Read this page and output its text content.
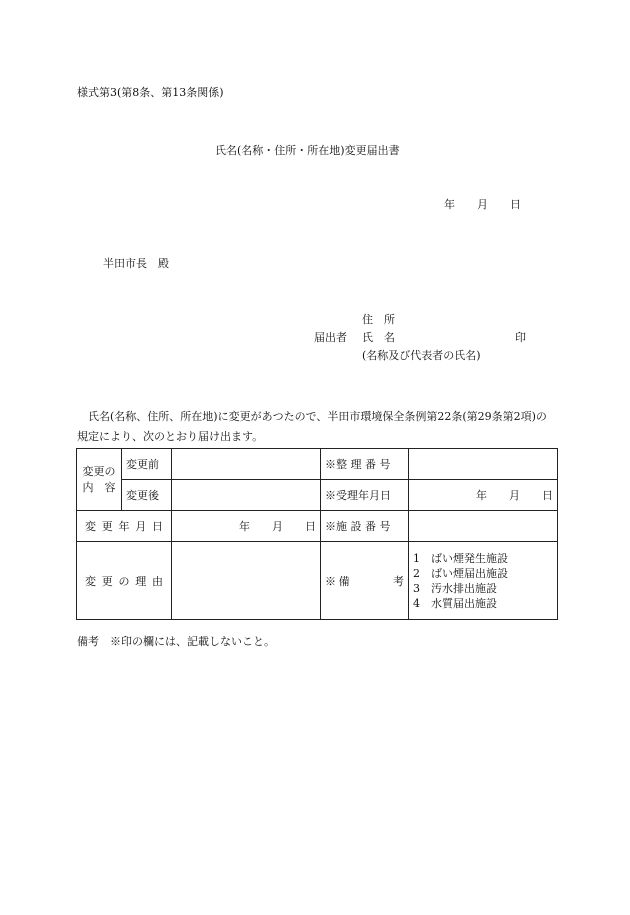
様式第3(第8条、第13条関係)
氏名(名称・住所・所在地)変更届出書
年　　月　　日
半田市長　殿
住　所
届出者 氏　名	印
(名称及び代表者の氏名)
氏名(名称、住所、所在地)に変更があつたので、半田市環境保全条例第22条(第29条第2項)の規定により、次のとおり届け出ます。
変更の
内　容	変更前		※整 理 番 号	
	変更後		※受理年月日	年　　月　　日
変 更 年 月 日		年　　月　　日	※施 設 番 号	
変 更 の 理 由			※備　　　考	1　ばい煙発生施設
2　ばい煙届出施設
3　汚水排出施設
4　水質届出施設
備考　※印の欄には、記載しないこと。
